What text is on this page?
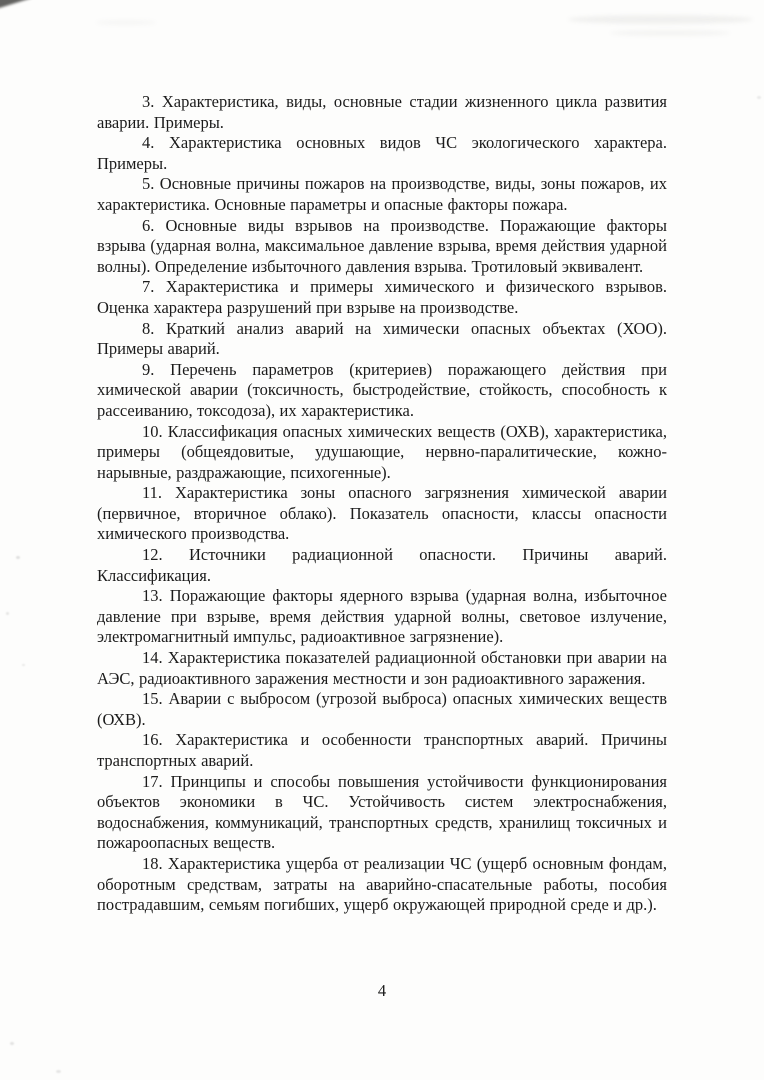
3. Характеристика, виды, основные стадии жизненного цикла развития аварии. Примеры.

4. Характеристика основных видов ЧС экологического характера. Примеры.

5. Основные причины пожаров на производстве, виды, зоны пожаров, их характеристика. Основные параметры и опасные факторы пожара.

6. Основные виды взрывов на производстве. Поражающие факторы взрыва (ударная волна, максимальное давление взрыва, время действия ударной волны). Определение избыточного давления взрыва. Тротиловый эквивалент.

7. Характеристика и примеры химического и физического взрывов. Оценка характера разрушений при взрыве на производстве.

8. Краткий анализ аварий на химически опасных объектах (ХОО). Примеры аварий.

9. Перечень параметров (критериев) поражающего действия при химической аварии (токсичность, быстродействие, стойкость, способность к рассеиванию, токсодоза), их характеристика.

10. Классификация опасных химических веществ (ОХВ), характеристика, примеры (общеядовитые, удушающие, нервно-паралитические, кожно-нарывные, раздражающие, психогенные).

11. Характеристика зоны опасного загрязнения химической аварии (первичное, вторичное облако). Показатель опасности, классы опасности химического производства.

12. Источники радиационной опасности. Причины аварий. Классификация.

13. Поражающие факторы ядерного взрыва (ударная волна, избыточное давление при взрыве, время действия ударной волны, световое излучение, электромагнитный импульс, радиоактивное загрязнение).

14. Характеристика показателей радиационной обстановки при аварии на АЭС, радиоактивного заражения местности и зон радиоактивного заражения.

15. Аварии с выбросом (угрозой выброса) опасных химических веществ (ОХВ).

16. Характеристика и особенности транспортных аварий. Причины транспортных аварий.

17. Принципы и способы повышения устойчивости функционирования объектов экономики в ЧС. Устойчивость систем электроснабжения, водоснабжения, коммуникаций, транспортных средств, хранилищ токсичных и пожароопасных веществ.

18. Характеристика ущерба от реализации ЧС (ущерб основным фондам, оборотным средствам, затраты на аварийно-спасательные работы, пособия пострадавшим, семьям погибших, ущерб окружающей природной среде и др.).

4
